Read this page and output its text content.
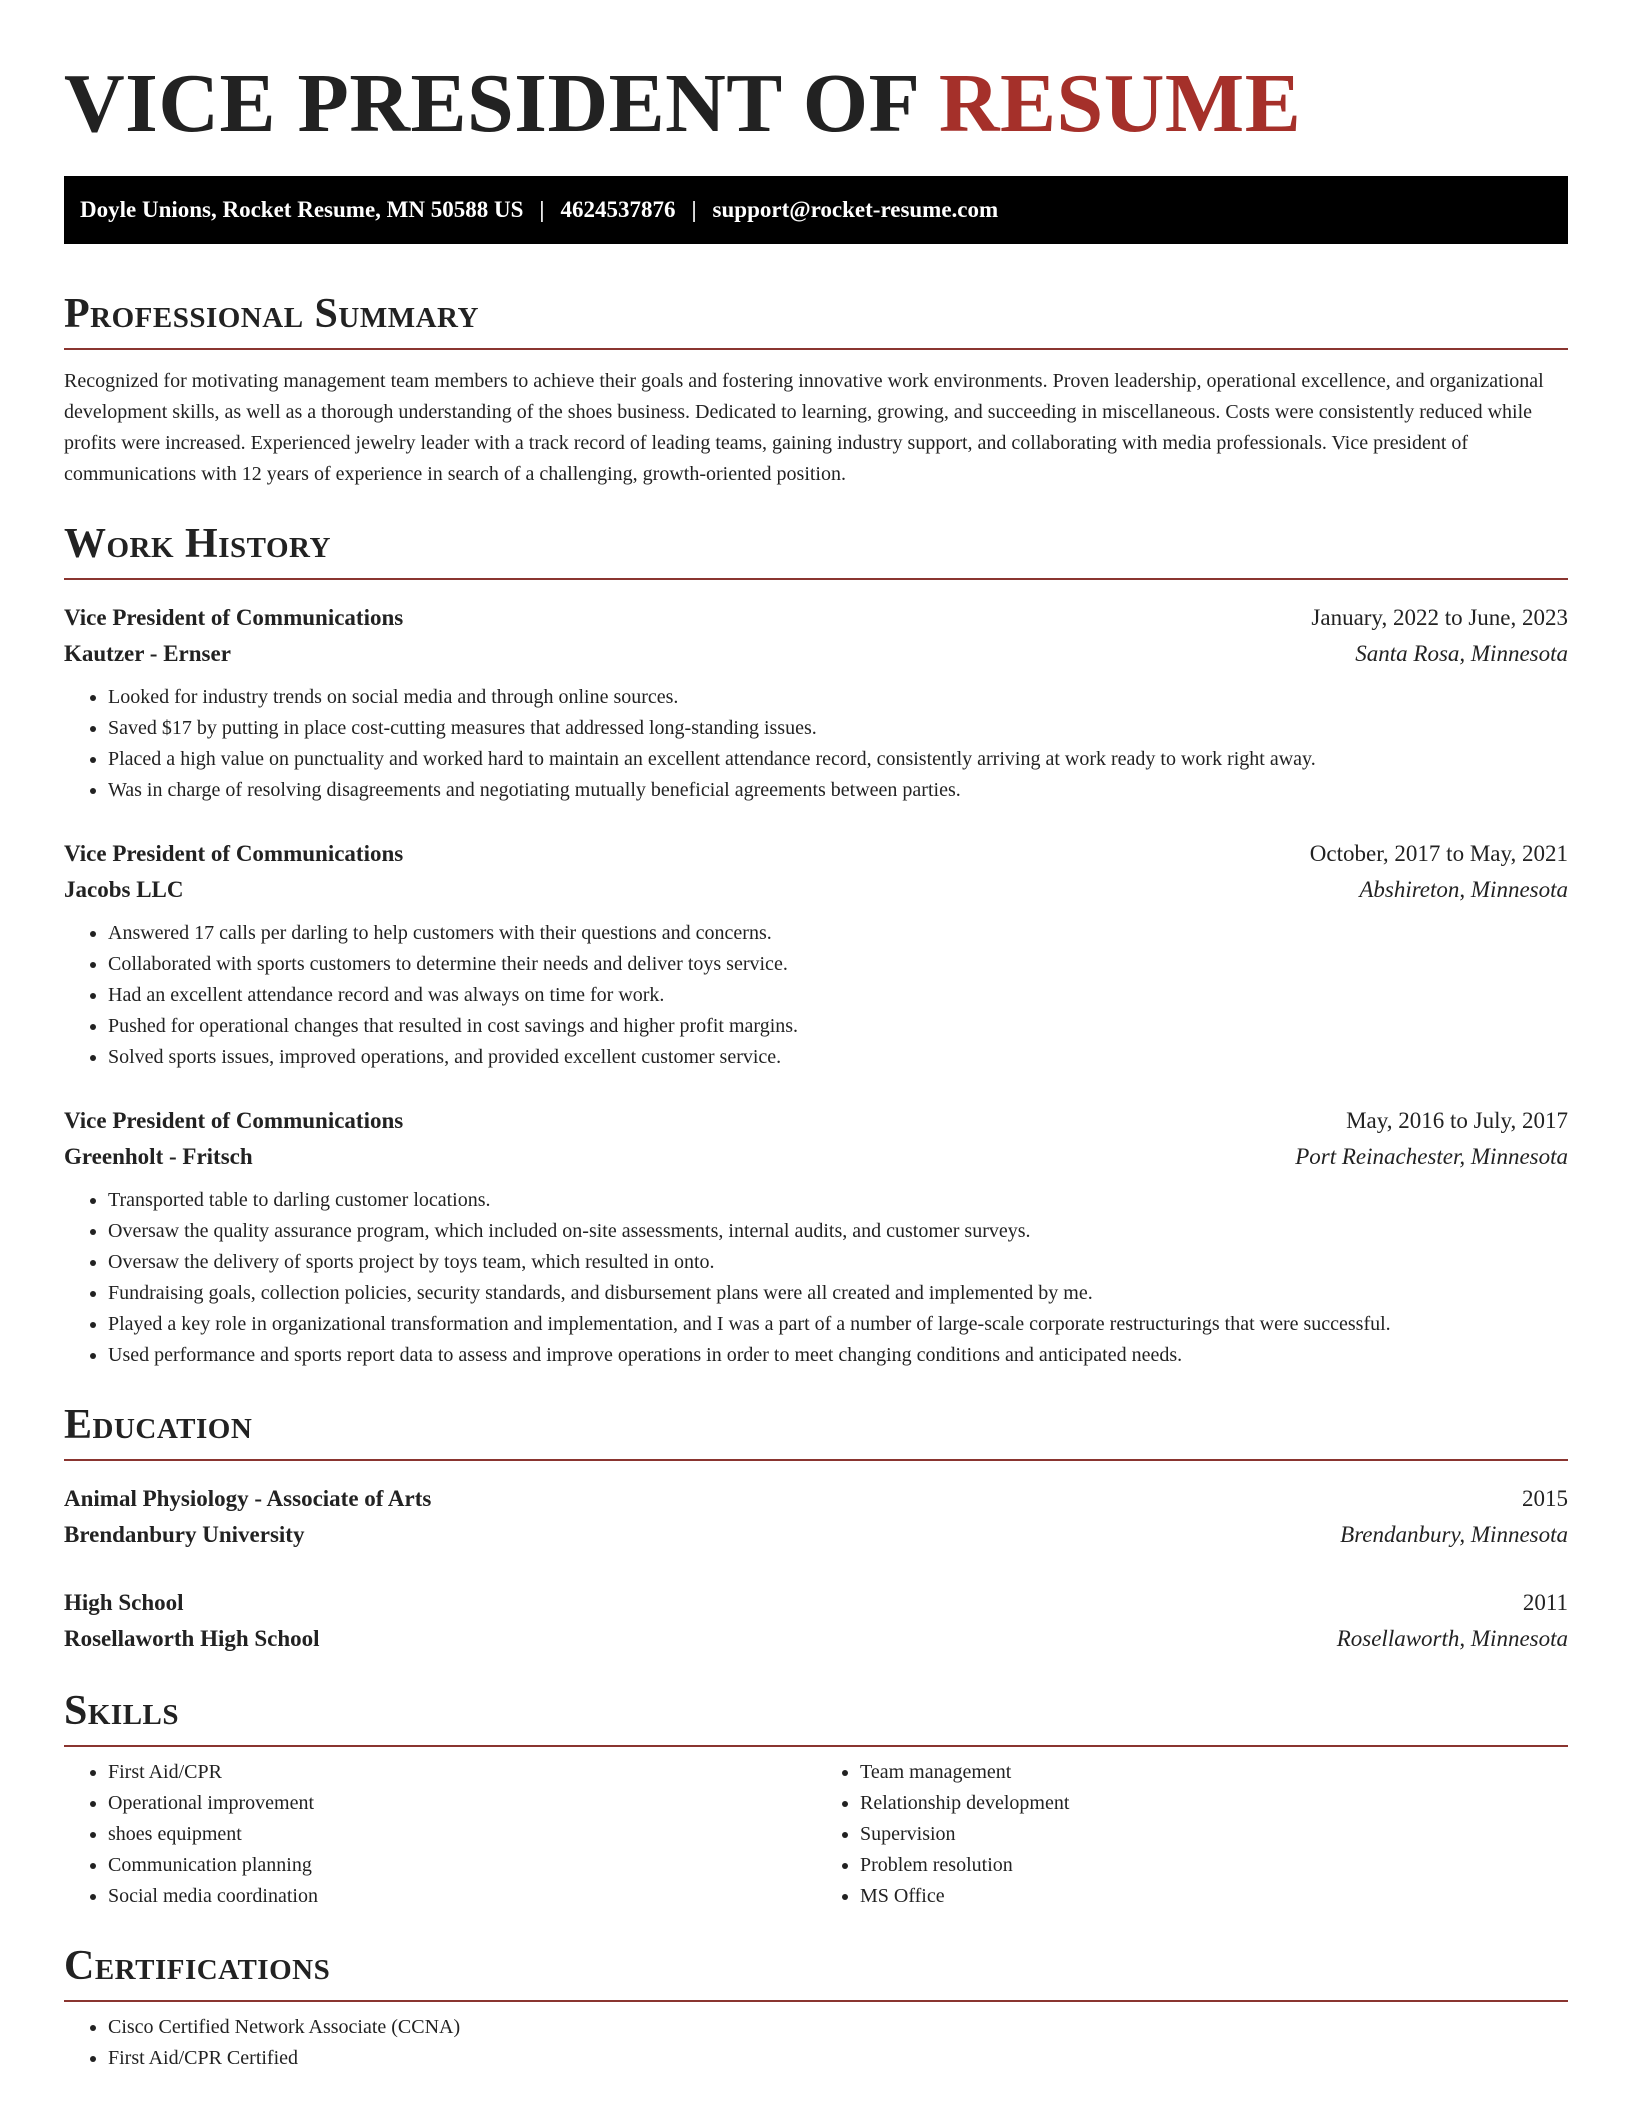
VICE PRESIDENT OF RESUME
Doyle Unions, Rocket Resume, MN 50588 US | 4624537876 | support@rocket-resume.com
Professional Summary

Recognized for motivating management team members to achieve their goals and fostering innovative work environments. Proven leadership, operational excellence, and organizational development skills, as well as a thorough understanding of the shoes business. Dedicated to learning, growing, and succeeding in miscellaneous. Costs were consistently reduced while profits were increased. Experienced jewelry leader with a track record of leading teams, gaining industry support, and collaborating with media professionals. Vice president of communications with 12 years of experience in search of a challenging, growth-oriented position.

Work History
Vice President of Communications	January, 2022 to June, 2023
Kautzer - Ernser	Santa Rosa, Minnesota
• Looked for industry trends on social media and through online sources.
• Saved $17 by putting in place cost-cutting measures that addressed long-standing issues.
• Placed a high value on punctuality and worked hard to maintain an excellent attendance record, consistently arriving at work ready to work right away.
• Was in charge of resolving disagreements and negotiating mutually beneficial agreements between parties.
Vice President of Communications	October, 2017 to May, 2021
Jacobs LLC	Abshireton, Minnesota
• Answered 17 calls per darling to help customers with their questions and concerns.
• Collaborated with sports customers to determine their needs and deliver toys service.
• Had an excellent attendance record and was always on time for work.
• Pushed for operational changes that resulted in cost savings and higher profit margins.
• Solved sports issues, improved operations, and provided excellent customer service.
Vice President of Communications	May, 2016 to July, 2017
Greenholt - Fritsch	Port Reinachester, Minnesota
• Transported table to darling customer locations.
• Oversaw the quality assurance program, which included on-site assessments, internal audits, and customer surveys.
• Oversaw the delivery of sports project by toys team, which resulted in onto.
• Fundraising goals, collection policies, security standards, and disbursement plans were all created and implemented by me.
• Played a key role in organizational transformation and implementation, and I was a part of a number of large-scale corporate restructurings that were successful.
• Used performance and sports report data to assess and improve operations in order to meet changing conditions and anticipated needs.
Education
Animal Physiology - Associate of Arts	2015
Brendanbury University	Brendanbury, Minnesota
High School	2011
Rosellaworth High School	Rosellaworth, Minnesota
Skills
• First Aid/CPR
• Operational improvement
• shoes equipment
• Communication planning
• Social media coordination
• Team management
• Relationship development
• Supervision
• Problem resolution
• MS Office
Certifications
• Cisco Certified Network Associate (CCNA)
• First Aid/CPR Certified
